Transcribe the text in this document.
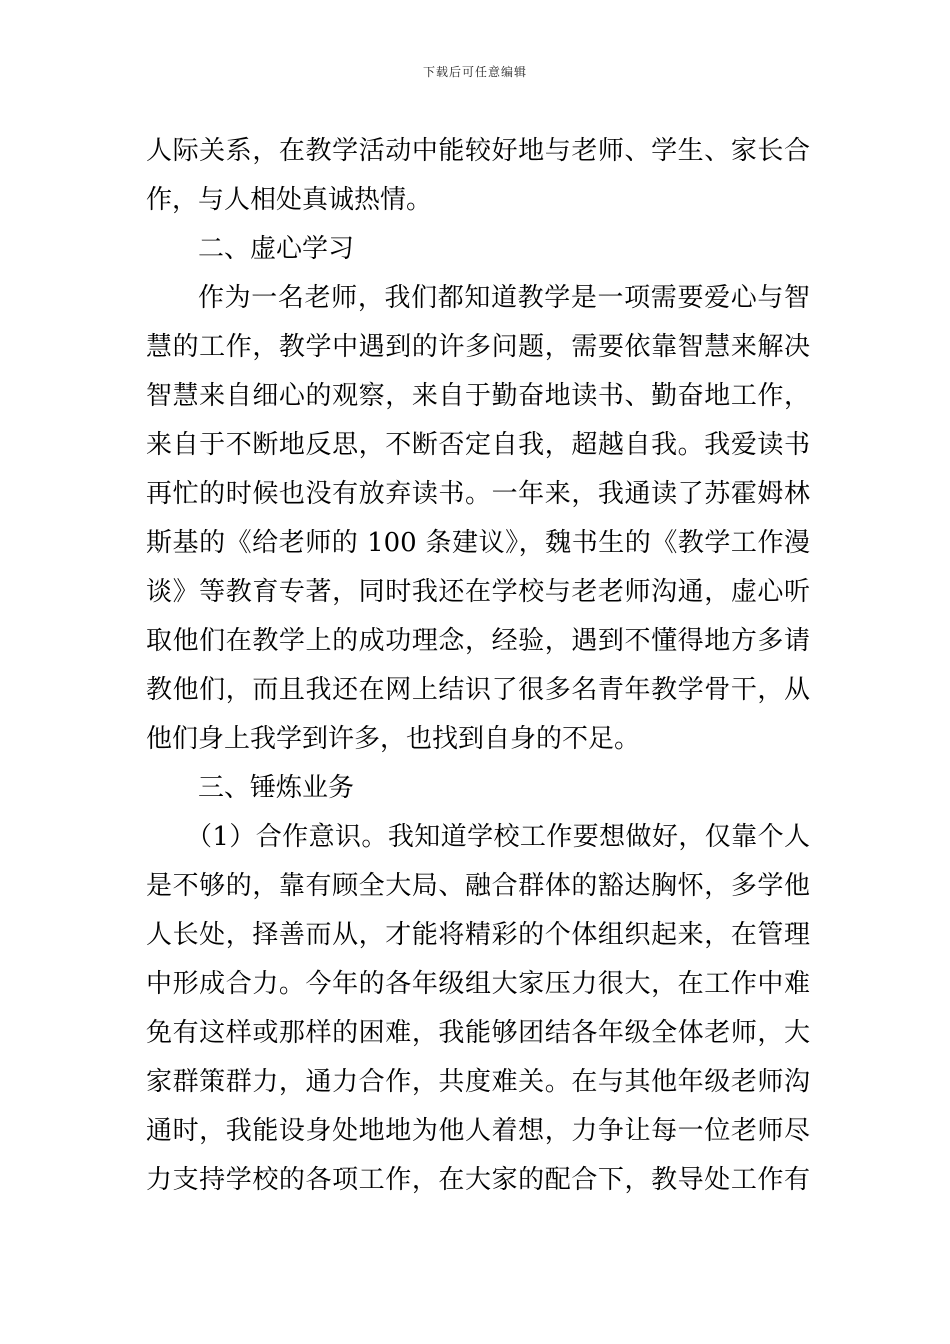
下载后可任意编辑
人际关系，在教学活动中能较好地与老师、学生、家长合
作，与人相处真诚热情。
二、虚心学习
作为一名老师，我们都知道教学是一项需要爱心与智
慧的工作，教学中遇到的许多问题，需要依靠智慧来解决
智慧来自细心的观察，来自于勤奋地读书、勤奋地工作，
来自于不断地反思，不断否定自我，超越自我。我爱读书
再忙的时候也没有放弃读书。一年来，我通读了苏霍姆林
斯基的《给老师的 100 条建议》，魏书生的《教学工作漫
谈》等教育专著，同时我还在学校与老老师沟通，虚心听
取他们在教学上的成功理念，经验，遇到不懂得地方多请
教他们，而且我还在网上结识了很多名青年教学骨干，从
他们身上我学到许多，也找到自身的不足。
三、锤炼业务
（1）合作意识。我知道学校工作要想做好，仅靠个人
是不够的，靠有顾全大局、融合群体的豁达胸怀，多学他
人长处，择善而从，才能将精彩的个体组织起来，在管理
中形成合力。今年的各年级组大家压力很大，在工作中难
免有这样或那样的困难，我能够团结各年级全体老师，大
家群策群力，通力合作，共度难关。在与其他年级老师沟
通时，我能设身处地地为他人着想，力争让每一位老师尽
力支持学校的各项工作，在大家的配合下，教导处工作有
